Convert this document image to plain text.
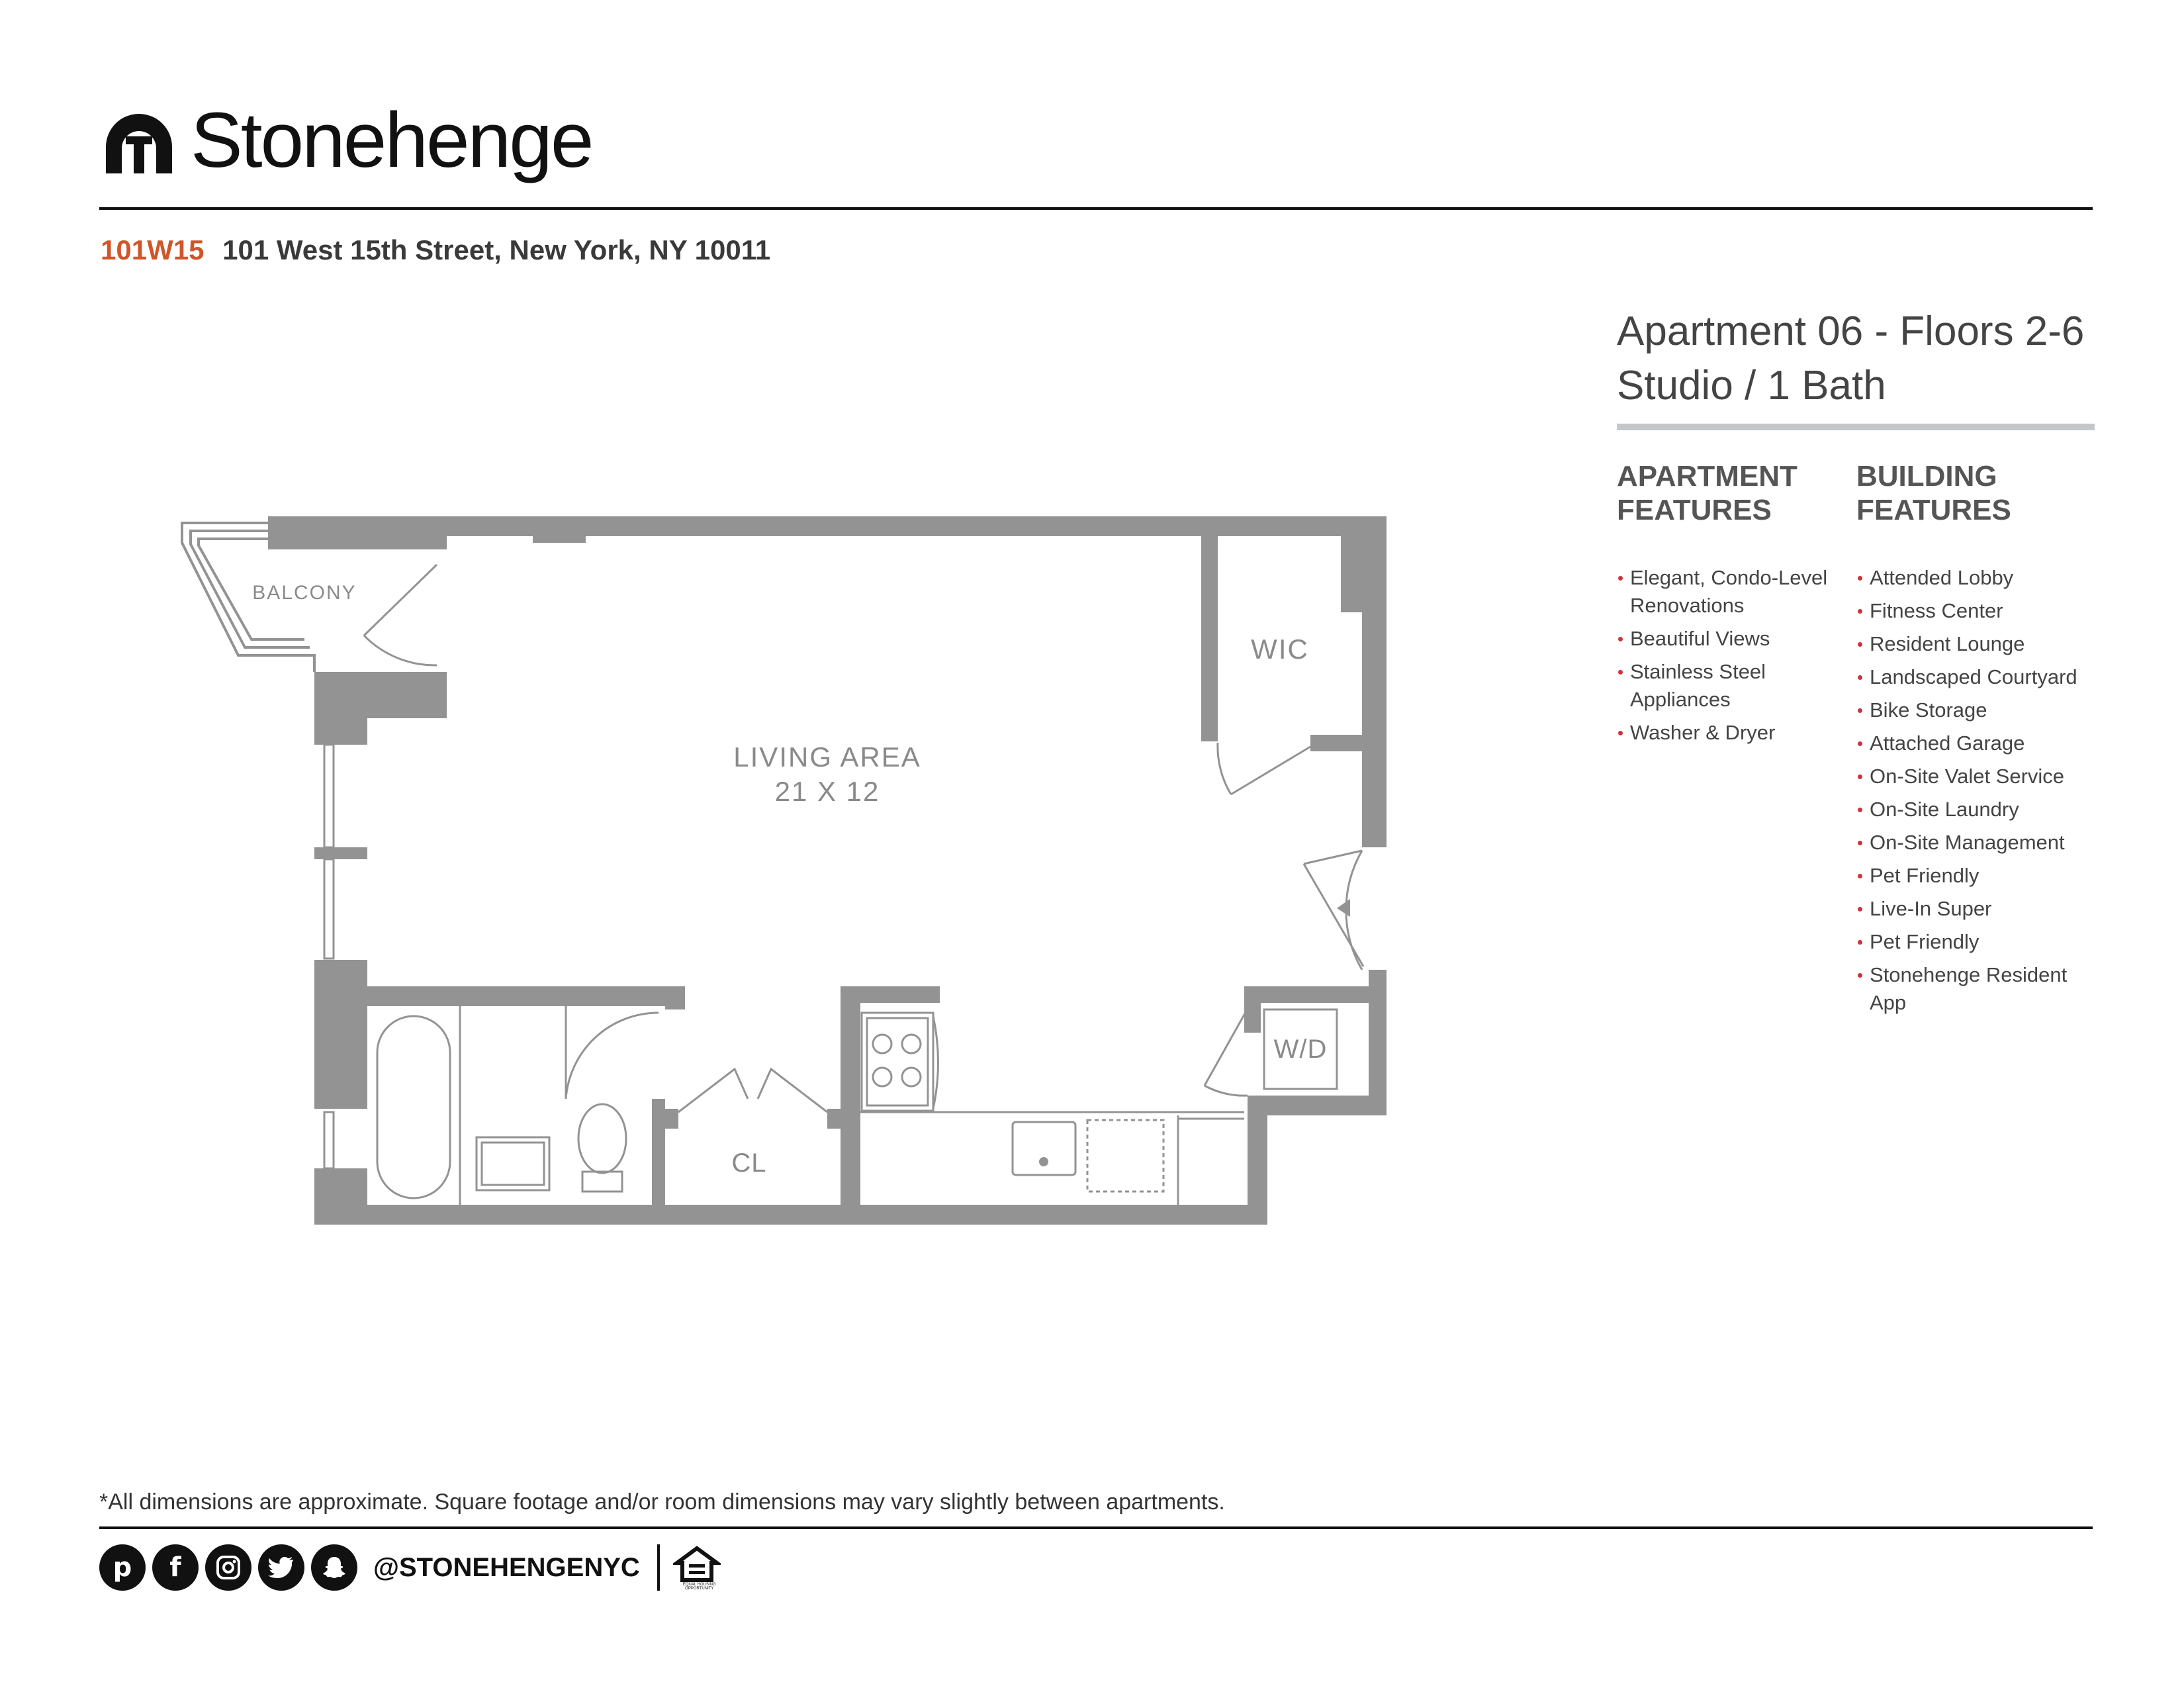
Stonehenge
101W15 101 West 15th Street, New York, NY 10011
Apartment 06 - Floors 2-6
Studio / 1 Bath
APARTMENT
FEATURES
BUILDING
FEATURES
Elegant, Condo-Level Renovations
Beautiful Views
Stainless Steel Appliances
Washer & Dryer
Attended Lobby
Fitness Center
Resident Lounge
Landscaped Courtyard
Bike Storage
Attached Garage
On-Site Valet Service
On-Site Laundry
On-Site Management
Pet Friendly
Live-In Super
Pet Friendly
Stonehenge Resident App
BALCONY
LIVING AREA
21 X 12
WIC
W/D
CL
*All dimensions are approximate. Square footage and/or room dimensions may vary slightly between apartments.
p	f	@STONEHENGENYC
EQUAL HOUSING OPPORTUNITY
